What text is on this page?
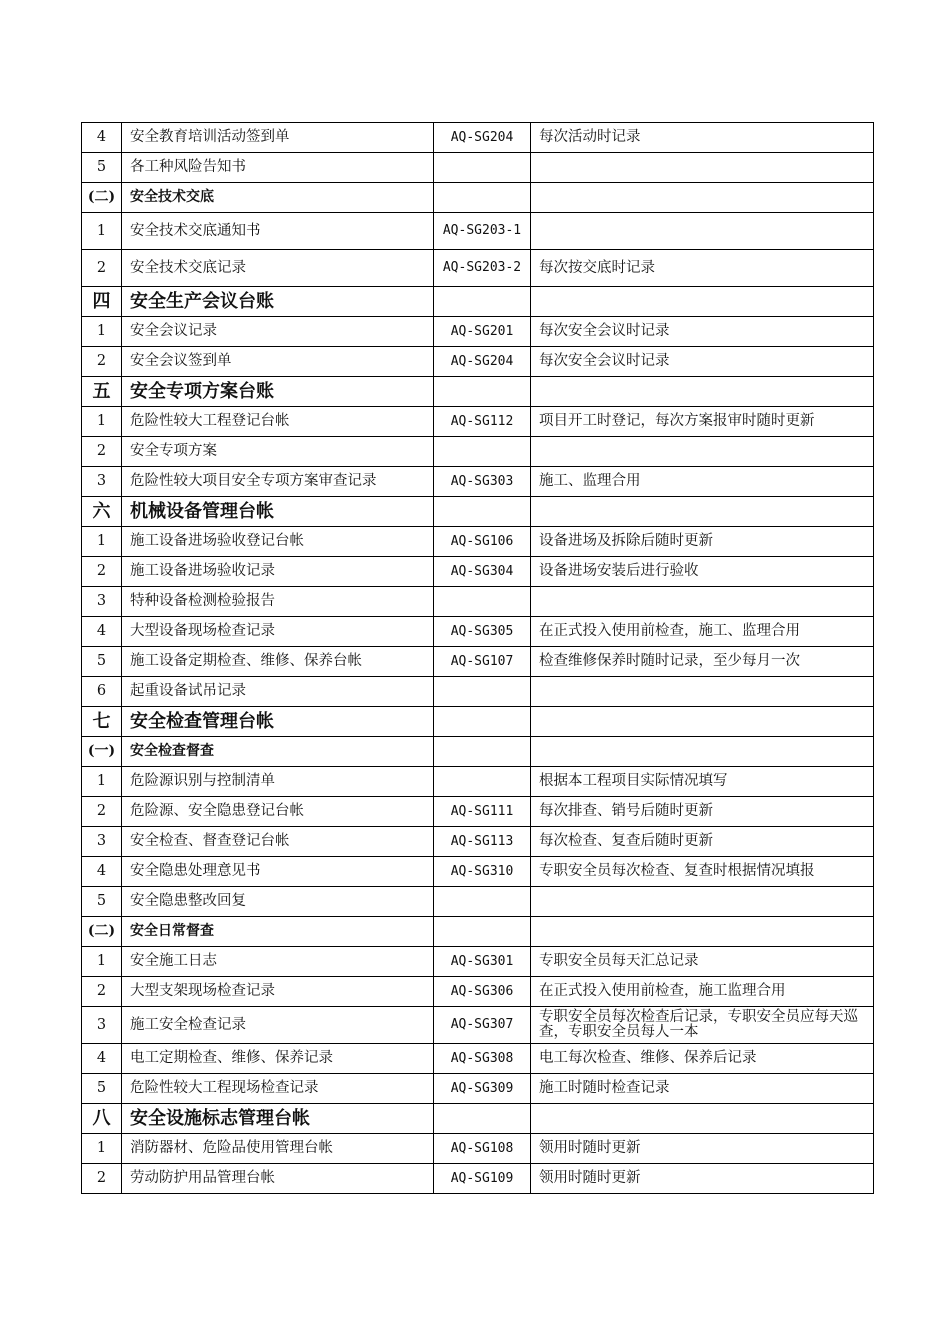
4	安全教育培训活动签到单	AQ-SG204	每次活动时记录
5	各工种风险告知书		
(二)	安全技术交底		
1	安全技术交底通知书	AQ-SG203-1	
2	安全技术交底记录	AQ-SG203-2	每次按交底时记录
四	安全生产会议台账		
1	安全会议记录	AQ-SG201	每次安全会议时记录
2	安全会议签到单	AQ-SG204	每次安全会议时记录
五	安全专项方案台账		
1	危险性较大工程登记台帐	AQ-SG112	项目开工时登记，每次方案报审时随时更新
2	安全专项方案		
3	危险性较大项目安全专项方案审查记录	AQ-SG303	施工、监理合用
六	机械设备管理台帐		
1	施工设备进场验收登记台帐	AQ-SG106	设备进场及拆除后随时更新
2	施工设备进场验收记录	AQ-SG304	设备进场安装后进行验收
3	特种设备检测检验报告		
4	大型设备现场检查记录	AQ-SG305	在正式投入使用前检查，施工、监理合用
5	施工设备定期检查、维修、保养台帐	AQ-SG107	检查维修保养时随时记录，至少每月一次
6	起重设备试吊记录		
七	安全检查管理台帐		
(一)	安全检查督查		
1	危险源识别与控制清单		根据本工程项目实际情况填写
2	危险源、安全隐患登记台帐	AQ-SG111	每次排查、销号后随时更新
3	安全检查、督查登记台帐	AQ-SG113	每次检查、复查后随时更新
4	安全隐患处理意见书	AQ-SG310	专职安全员每次检查、复查时根据情况填报
5	安全隐患整改回复		
(二)	安全日常督查		
1	安全施工日志	AQ-SG301	专职安全员每天汇总记录
2	大型支架现场检查记录	AQ-SG306	在正式投入使用前检查，施工监理合用
3	施工安全检查记录	AQ-SG307	专职安全员每次检查后记录，专职安全员应每天巡查，专职安全员每人一本
4	电工定期检查、维修、保养记录	AQ-SG308	电工每次检查、维修、保养后记录
5	危险性较大工程现场检查记录	AQ-SG309	施工时随时检查记录
八	安全设施标志管理台帐		
1	消防器材、危险品使用管理台帐	AQ-SG108	领用时随时更新
2	劳动防护用品管理台帐	AQ-SG109	领用时随时更新
